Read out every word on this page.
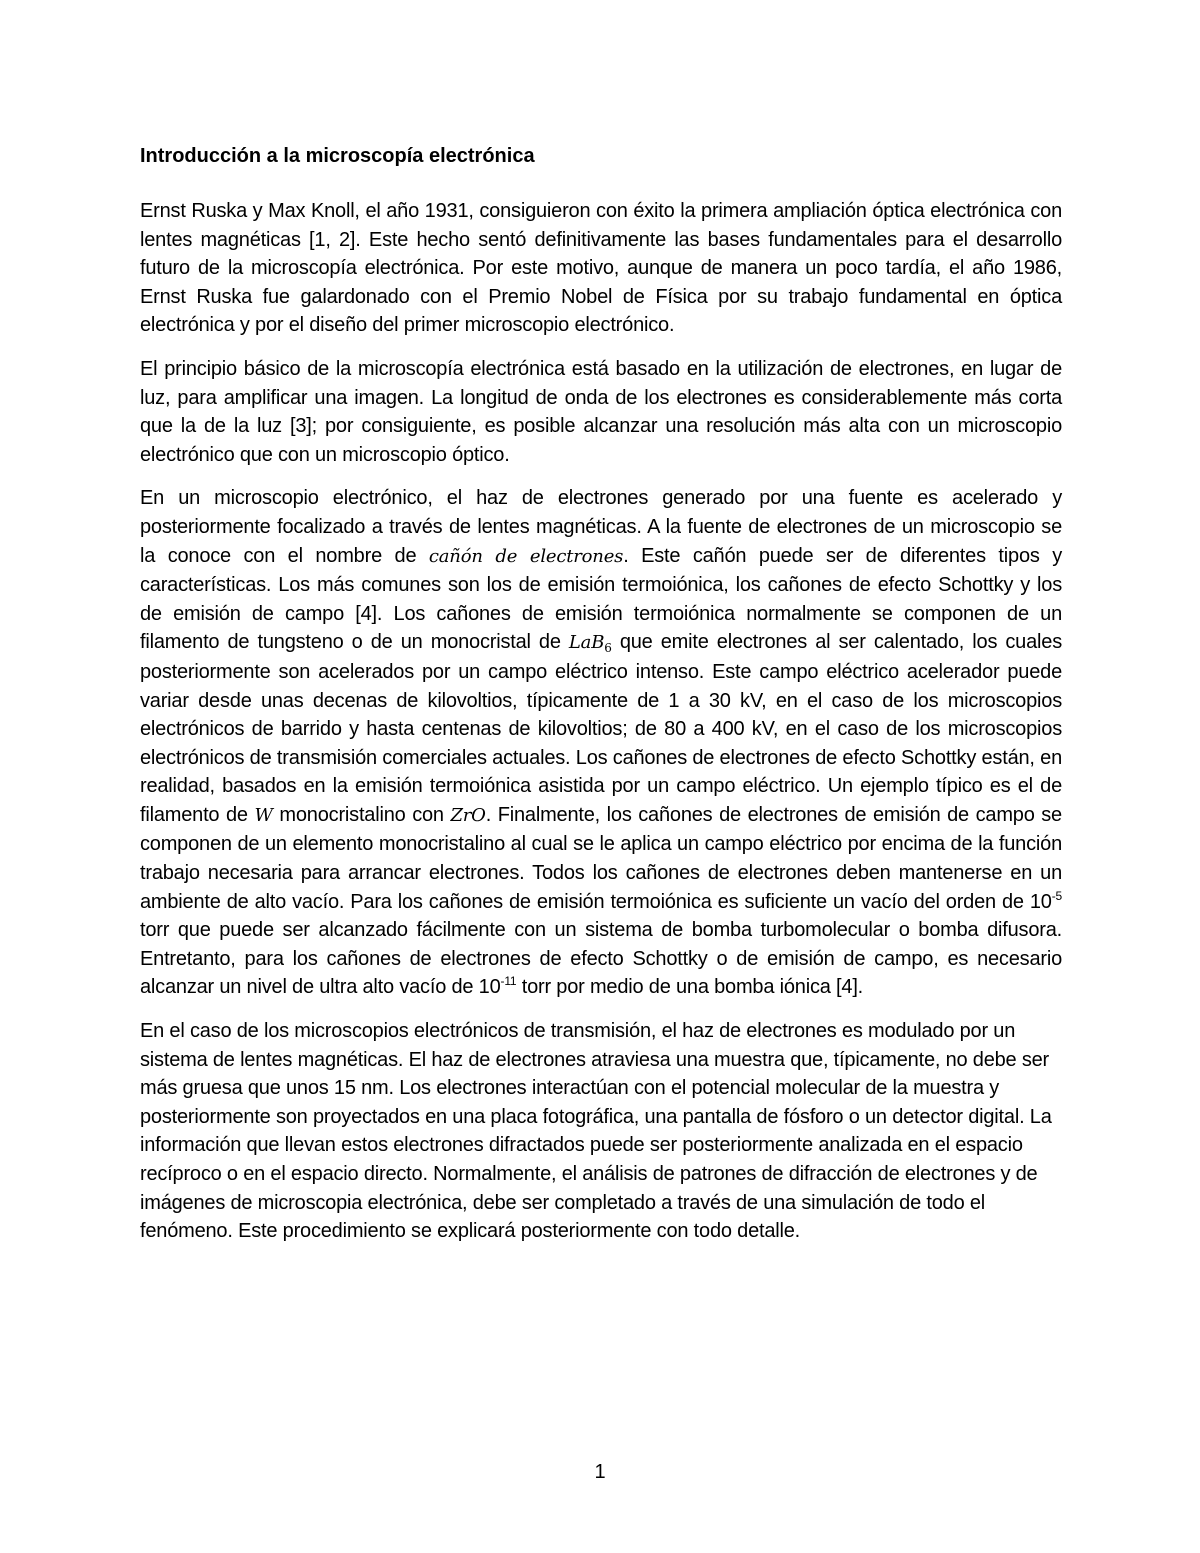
Introducción a la microscopía electrónica

Ernst Ruska y Max Knoll, el año 1931, consiguieron con éxito la primera ampliación óptica electrónica con lentes magnéticas [1, 2]. Este hecho sentó definitivamente las bases fundamentales para el desarrollo futuro de la microscopía electrónica. Por este motivo, aunque de manera un poco tardía, el año 1986, Ernst Ruska fue galardonado con el Premio Nobel de Física por su trabajo fundamental en óptica electrónica y por el diseño del primer microscopio electrónico.

El principio básico de la microscopía electrónica está basado en la utilización de electrones, en lugar de luz, para amplificar una imagen. La longitud de onda de los electrones es considerablemente más corta que la de la luz [3]; por consiguiente, es posible alcanzar una resolución más alta con un microscopio electrónico que con un microscopio óptico.

En un microscopio electrónico, el haz de electrones generado por una fuente es acelerado y posteriormente focalizado a través de lentes magnéticas. A la fuente de electrones de un microscopio se la conoce con el nombre de cañón de electrones. Este cañón puede ser de diferentes tipos y características. Los más comunes son los de emisión termoiónica, los cañones de efecto Schottky y los de emisión de campo [4]. Los cañones de emisión termoiónica normalmente se componen de un filamento de tungsteno o de un monocristal de LaB$_6$ que emite electrones al ser calentado, los cuales posteriormente son acelerados por un campo eléctrico intenso. Este campo eléctrico acelerador puede variar desde unas decenas de kilovoltios, típicamente de 1 a 30 kV, en el caso de los microscopios electrónicos de barrido y hasta centenas de kilovoltios; de 80 a 400 kV, en el caso de los microscopios electrónicos de transmisión comerciales actuales. Los cañones de electrones de efecto Schottky están, en realidad, basados en la emisión termoiónica asistida por un campo eléctrico. Un ejemplo típico es el de filamento de W monocristalino con ZrO. Finalmente, los cañones de electrones de emisión de campo se componen de un elemento monocristalino al cual se le aplica un campo eléctrico por encima de la función trabajo necesaria para arrancar electrones. Todos los cañones de electrones deben mantenerse en un ambiente de alto vacío. Para los cañones de emisión termoiónica es suficiente un vacío del orden de $10^{-5}$ torr que puede ser alcanzado fácilmente con un sistema de bomba turbomolecular o bomba difusora. Entretanto, para los cañones de electrones de efecto Schottky o de emisión de campo, es necesario alcanzar un nivel de ultra alto vacío de $10^{-11}$ torr por medio de una bomba iónica [4].

En el caso de los microscopios electrónicos de transmisión, el haz de electrones es modulado por un sistema de lentes magnéticas. El haz de electrones atraviesa una muestra que, típicamente, no debe ser más gruesa que unos 15 nm. Los electrones interactúan con el potencial molecular de la muestra y posteriormente son proyectados en una placa fotográfica, una pantalla de fósforo o un detector digital. La información que llevan estos electrones difractados puede ser posteriormente analizada en el espacio recíproco o en el espacio directo. Normalmente, el análisis de patrones de difracción de electrones y de imágenes de microscopia electrónica, debe ser completado a través de una simulación de todo el fenómeno. Este procedimiento se explicará posteriormente con todo detalle.

1
